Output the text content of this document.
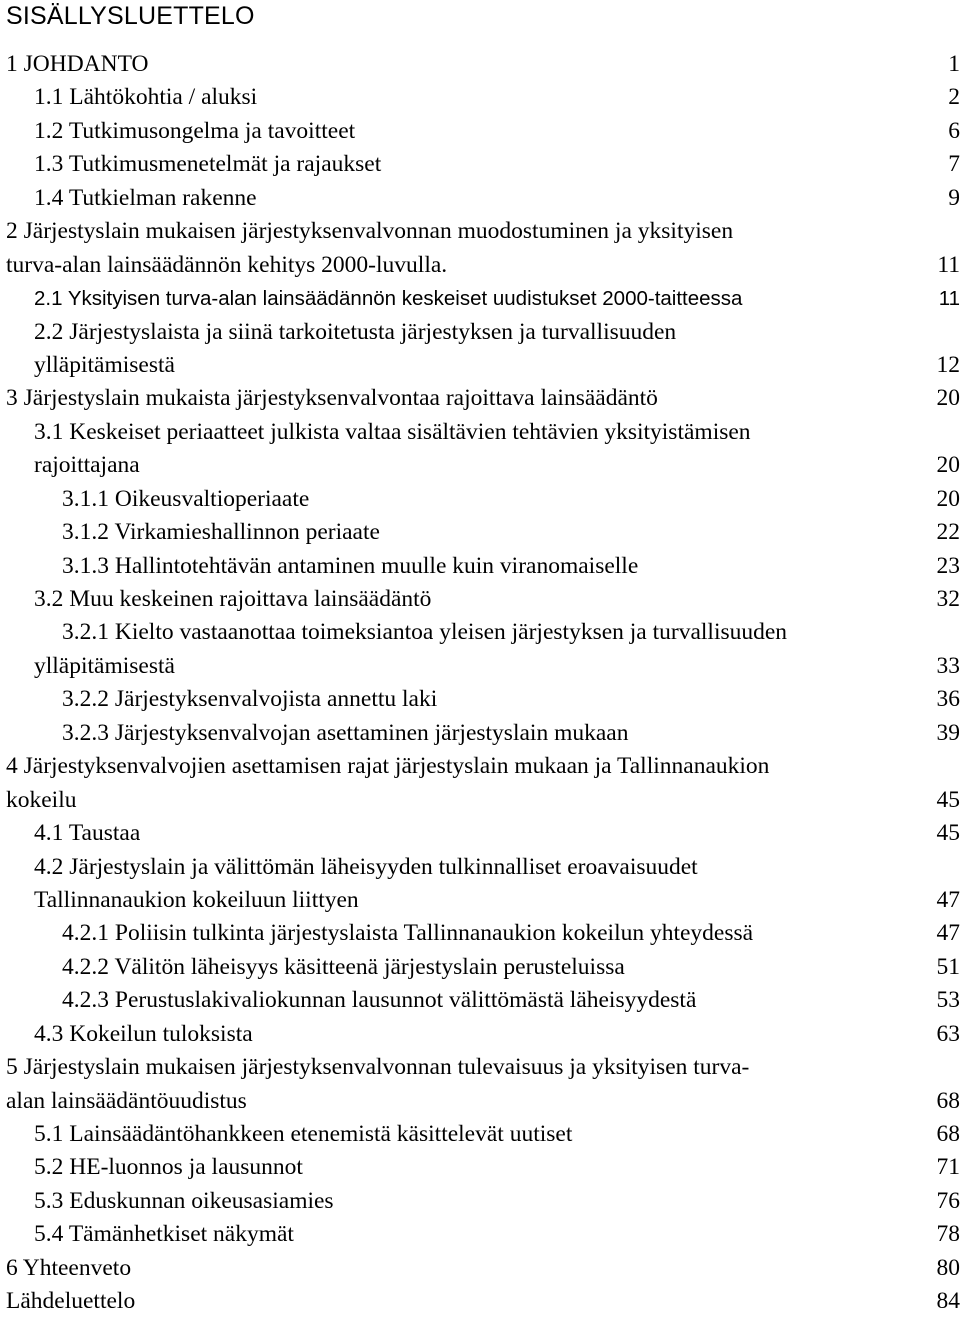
SISÄLLYSLUETTELO
1 JOHDANTO	1
1.1 Lähtökohtia / aluksi	2
1.2 Tutkimusongelma ja tavoitteet	6
1.3 Tutkimusmenetelmät ja rajaukset	7
1.4 Tutkielman rakenne	9
2 Järjestyslain mukaisen järjestyksenvalvonnan muodostuminen ja yksityisen
turva-alan lainsäädännön kehitys 2000-luvulla.	11
2.1 Yksityisen turva-alan lainsäädännön keskeiset uudistukset 2000-taitteessa	11
2.2 Järjestyslaista ja siinä tarkoitetusta järjestyksen ja turvallisuuden
ylläpitämisestä	12
3 Järjestyslain mukaista järjestyksenvalvontaa rajoittava lainsäädäntö	20
3.1 Keskeiset periaatteet julkista valtaa sisältävien tehtävien yksityistämisen
rajoittajana	20
3.1.1 Oikeusvaltioperiaate	20
3.1.2 Virkamieshallinnon periaate	22
3.1.3 Hallintotehtävän antaminen muulle kuin viranomaiselle	23
3.2 Muu keskeinen rajoittava lainsäädäntö	32
3.2.1 Kielto vastaanottaa toimeksiantoa yleisen järjestyksen ja turvallisuuden
ylläpitämisestä	33
3.2.2 Järjestyksenvalvojista annettu laki	36
3.2.3 Järjestyksenvalvojan asettaminen järjestyslain mukaan	39
4 Järjestyksenvalvojien asettamisen rajat järjestyslain mukaan ja Tallinnanaukion
kokeilu	45
4.1 Taustaa	45
4.2 Järjestyslain ja välittömän läheisyyden tulkinnalliset eroavaisuudet
Tallinnanaukion kokeiluun liittyen	47
4.2.1 Poliisin tulkinta järjestyslaista Tallinnanaukion kokeilun yhteydessä	47
4.2.2 Välitön läheisyys käsitteenä järjestyslain perusteluissa	51
4.2.3 Perustuslakivaliokunnan lausunnot välittömästä läheisyydestä	53
4.3 Kokeilun tuloksista	63
5 Järjestyslain mukaisen järjestyksenvalvonnan tulevaisuus ja yksityisen turva-
alan lainsäädäntöuudistus	68
5.1 Lainsäädäntöhankkeen etenemistä käsittelevät uutiset	68
5.2 HE-luonnos ja lausunnot	71
5.3 Eduskunnan oikeusasiamies	76
5.4 Tämänhetkiset näkymät	78
6 Yhteenveto	80
Lähdeluettelo	84
